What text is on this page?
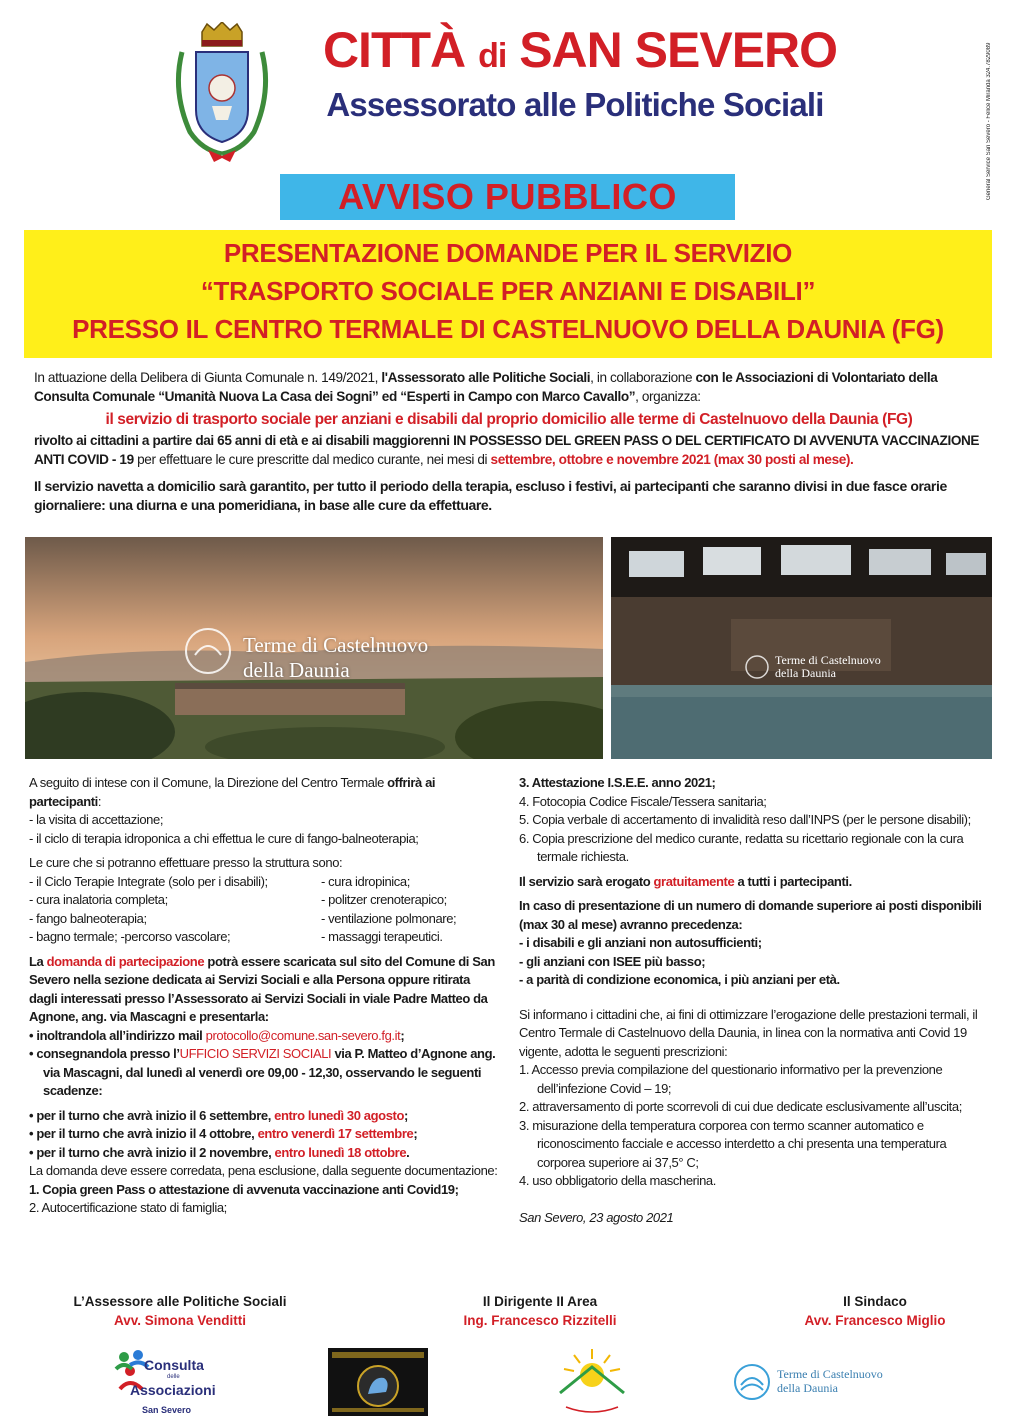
CITTÀ di SAN SEVERO
Assessorato alle Politiche Sociali	General Service San Severo - Felice Miranda 324.7829089
AVVISO PUBBLICO
PRESENTAZIONE DOMANDE PER IL SERVIZIO
“TRASPORTO SOCIALE PER ANZIANI E DISABILI”
PRESSO IL CENTRO TERMALE DI CASTELNUOVO DELLA DAUNIA (FG)

In attuazione della Delibera di Giunta Comunale n. 149/2021, l'Assessorato alle Politiche Sociali, in collaborazione con le Associazioni di Volontariato della Consulta Comunale “Umanità Nuova La Casa dei Sogni” ed “Esperti in Campo con Marco Cavallo”, organizza:

il servizio di trasporto sociale per anziani e disabili dal proprio domicilio alle terme di Castelnuovo della Daunia (FG)

rivolto ai cittadini a partire dai 65 anni di età e ai disabili maggiorenni IN POSSESSO DEL GREEN PASS O DEL CERTIFICATO DI AVVENUTA VACCINAZIONE ANTI COVID - 19 per effettuare le cure prescritte dal medico curante, nei mesi di settembre, ottobre e novembre 2021 (max 30 posti al mese).

Il servizio navetta a domicilio sarà garantito, per tutto il periodo della terapia, escluso i festivi, ai partecipanti che saranno divisi in due fasce orarie giornaliere: una diurna e una pomeridiana, in base alle cure da effettuare.

Terme di Castelnuovo
della Daunia	Terme di Castelnuovo
della Daunia
A seguito di intese con il Comune, la Direzione del Centro Termale offrirà ai partecipanti:
- la visita di accettazione;
- il ciclo di terapia idroponica a chi effettua le cure di fango-balneoterapia;
Le cure che si potranno effettuare presso la struttura sono:
- il Ciclo Terapie Integrate (solo per i disabili);	- cura idropinica;
- cura inalatoria completa;	- politzer crenoterapico;
- fango balneoterapia;	- ventilazione polmonare;
- bagno termale; -percorso vascolare;	- massaggi terapeutici.
La domanda di partecipazione potrà essere scaricata sul sito del Comune di San Severo nella sezione dedicata ai Servizi Sociali e alla Persona oppure ritirata dagli interessati presso l’Assessorato ai Servizi Sociali in viale Padre Matteo da Agnone, ang. via Mascagni e presentarla:
• inoltrandola all’indirizzo mail protocollo@comune.san-severo.fg.it;
• consegnandola presso l’UFFICIO SERVIZI SOCIALI via P. Matteo d’Agnone ang. via Mascagni, dal lunedì al venerdì ore 09,00 - 12,30, osservando le seguenti scadenze:
• per il turno che avrà inizio il 6 settembre, entro lunedì 30 agosto;
• per il turno che avrà inizio il 4 ottobre, entro venerdì 17 settembre;
• per il turno che avrà inizio il 2 novembre, entro lunedì 18 ottobre.
La domanda deve essere corredata, pena esclusione, dalla seguente documentazione:
1. Copia green Pass o attestazione di avvenuta vaccinazione anti Covid19;
2. Autocertificazione stato di famiglia;
3. Attestazione I.S.E.E. anno 2021;
4. Fotocopia Codice Fiscale/Tessera sanitaria;
5. Copia verbale di accertamento di invalidità reso dall’INPS (per le persone disabili);
6. Copia prescrizione del medico curante, redatta su ricettario regionale con la cura termale richiesta.
Il servizio sarà erogato gratuitamente a tutti i partecipanti.
In caso di presentazione di un numero di domande superiore ai posti disponibili (max 30 al mese) avranno precedenza:
- i disabili e gli anziani non autosufficienti;
- gli anziani con ISEE più basso;
- a parità di condizione economica, i più anziani per età.
Si informano i cittadini che, ai fini di ottimizzare l’erogazione delle prestazioni termali, il Centro Termale di Castelnuovo della Daunia, in linea con la normativa anti Covid 19 vigente, adotta le seguenti prescrizioni:
1. Accesso previa compilazione del questionario informativo per la prevenzione dell’infezione Covid – 19;
2. attraversamento di porte scorrevoli di cui due dedicate esclusivamente all’uscita;
3. misurazione della temperatura corporea con termo scanner automatico e riconoscimento facciale e accesso interdetto a chi presenta una temperatura corporea superiore ai 37,5° C;
4. uso obbligatorio della mascherina.
San Severo, 23 agosto 2021
L’Assessore alle Politiche Sociali
Avv. Simona Venditti
Il Dirigente II Area
Ing. Francesco Rizzitelli
Il Sindaco
Avv. Francesco Miglio
Consulta
delle
Associazioni
San Severo
Terme di Castelnuovo
della Daunia
